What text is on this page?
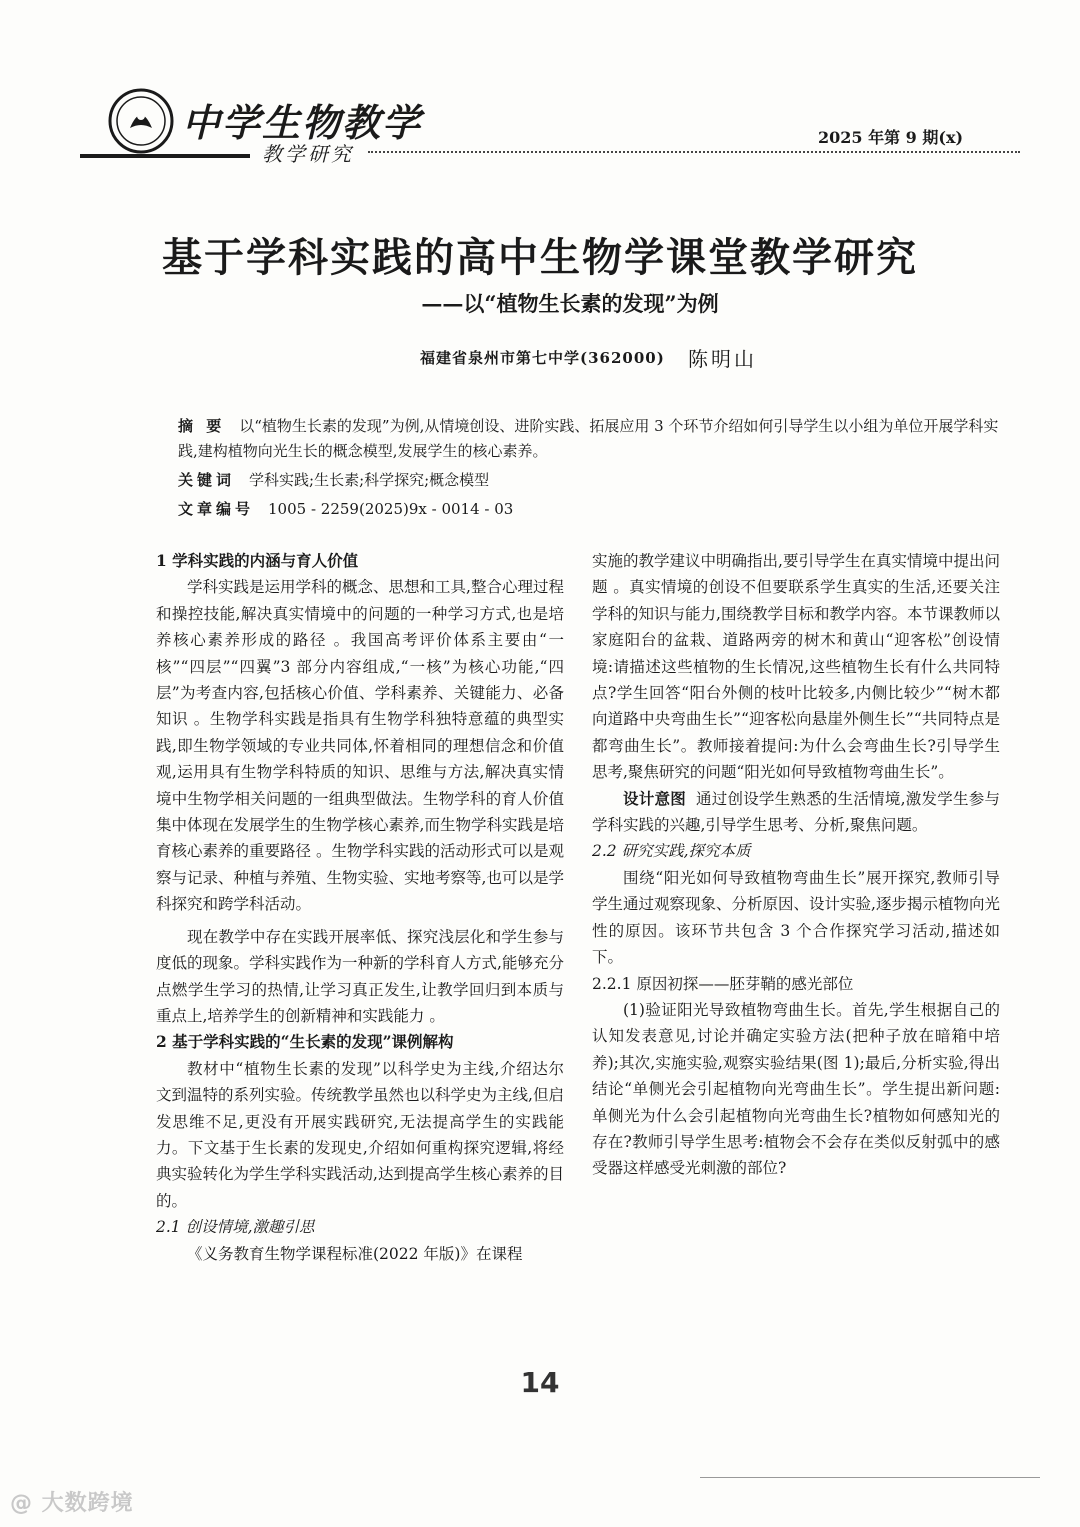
中学生物教学
教学研究
2025 年第 9 期(x)
基于学科实践的高中生物学课堂教学研究
——以“植物生长素的发现”为例
福建省泉州市第七中学(362000) 陈明山
摘 要 以“植物生长素的发现”为例,从情境创设、进阶实践、拓展应用 3 个环节介绍如何引导学生以小组为单位开展学科实践,建构植物向光生长的概念模型,发展学生的核心素养。
关键词 学科实践;生长素;科学探究;概念模型
文章编号 1005 - 2259(2025)9x - 0014 - 03

1 学科实践的内涵与育人价值

学科实践是运用学科的概念、思想和工具,整合心理过程和操控技能,解决真实情境中的问题的一种学习方式,也是培养核心素养形成的路径 。我国高考评价体系主要由“一核”“四层”“四翼”3 部分内容组成,“一核”为核心功能,“四层”为考查内容,包括核心价值、学科素养、关键能力、必备知识 。生物学科实践是指具有生物学科独特意蕴的典型实践,即生物学领域的专业共同体,怀着相同的理想信念和价值观,运用具有生物学科特质的知识、思维与方法,解决真实情境中生物学相关问题的一组典型做法。生物学科的育人价值集中体现在发展学生的生物学核心素养,而生物学科实践是培育核心素养的重要路径 。生物学科实践的活动形式可以是观察与记录、种植与养殖、生物实验、实地考察等,也可以是学科探究和跨学科活动。

现在教学中存在实践开展率低、探究浅层化和学生参与度低的现象。学科实践作为一种新的学科育人方式,能够充分点燃学生学习的热情,让学习真正发生,让教学回归到本质与重点上,培养学生的创新精神和实践能力 。

2 基于学科实践的“生长素的发现”课例解构

教材中“植物生长素的发现”以科学史为主线,介绍达尔文到温特的系列实验。传统教学虽然也以科学史为主线,但启发思维不足,更没有开展实践研究,无法提高学生的实践能力。下文基于生长素的发现史,介绍如何重构探究逻辑,将经典实验转化为学生学科实践活动,达到提高学生核心素养的目的。

2.1 创设情境,激趣引思

《义务教育生物学课程标准(2022 年版)》在课程

实施的教学建议中明确指出,要引导学生在真实情境中提出问题 。真实情境的创设不但要联系学生真实的生活,还要关注学科的知识与能力,围绕教学目标和教学内容。本节课教师以家庭阳台的盆栽、道路两旁的树木和黄山“迎客松”创设情境:请描述这些植物的生长情况,这些植物生长有什么共同特点?学生回答“阳台外侧的枝叶比较多,内侧比较少”“树木都向道路中央弯曲生长”“迎客松向悬崖外侧生长”“共同特点是都弯曲生长”。教师接着提问:为什么会弯曲生长?引导学生思考,聚焦研究的问题“阳光如何导致植物弯曲生长”。

设计意图 通过创设学生熟悉的生活情境,激发学生参与学科实践的兴趣,引导学生思考、分析,聚焦问题。

2.2 研究实践,探究本质

围绕“阳光如何导致植物弯曲生长”展开探究,教师引导学生通过观察现象、分析原因、设计实验,逐步揭示植物向光性的原因。该环节共包含 3 个合作探究学习活动,描述如下。

2.2.1 原因初探——胚芽鞘的感光部位

(1)验证阳光导致植物弯曲生长。首先,学生根据自己的认知发表意见,讨论并确定实验方法(把种子放在暗箱中培养);其次,实施实验,观察实验结果(图 1);最后,分析实验,得出结论“单侧光会引起植物向光弯曲生长”。学生提出新问题:单侧光为什么会引起植物向光弯曲生长?植物如何感知光的存在?教师引导学生思考:植物会不会存在类似反射弧中的感受器这样感受光刺激的部位?

14
@ 大数跨境
